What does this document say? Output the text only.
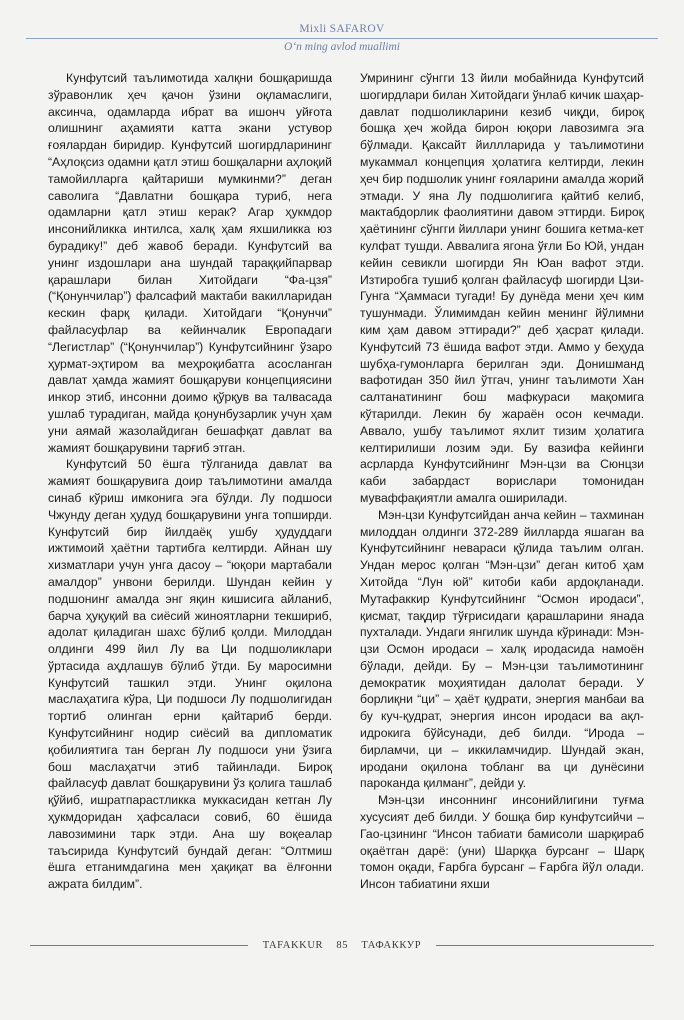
Mixli SAFAROV
O‘n ming avlod muallimi

Кунфутсий таълимотида халқни бошқаришда зўравонлик ҳеч қачон ўзини оқламаслиги, аксинча, одамларда ибрат ва ишонч уйғота олишнинг аҳамияти катта экани устувор ғоялардан биридир. Кунфутсий шогирдларининг “Аҳлоқсиз одамни қатл этиш бошқаларни аҳлоқий тамойилларга қайтариши мумкинми?” деган саволига “Давлатни бошқара туриб, нега одамларни қатл этиш керак? Агар ҳукмдор инсонийликка интилса, халқ ҳам яхшиликка юз бурадику!” деб жавоб беради. Кунфутсий ва унинг издошлари ана шундай тараққийпарвар қарашлари билан Хитойдаги “Фа-цзя” (“Қонунчилар”) фалсафий мактаби вакилларидан кескин фарқ қилади. Хитойдаги “Қонунчи” файласуфлар ва кейинчалик Европадаги “Легистлар” (“Қонунчилар”) Кунфутсийнинг ўзаро ҳурмат-эҳтиром ва меҳроқибатга асосланган давлат ҳамда жамият бошқаруви концепциясини инкор этиб, инсонни доимо қўрқув ва талвасада ушлаб турадиган, майда қонунбузарлик учун ҳам уни аямай жазолайдиган бешафқат давлат ва жамият бошқарувини тарғиб этган.

Кунфутсий 50 ёшга тўлганида давлат ва жамият бошқарувига доир таълимотини амалда синаб кўриш имконига эга бўлди. Лу подшоси Чжунду деган ҳудуд бошқарувини унга топширди. Кунфутсий бир йилдаёқ ушбу ҳудуддаги ижтимоий ҳаётни тартибга келтирди. Айнан шу хизматлари учун унга дасоу – “юқори мартабали амалдор” унвони берилди. Шундан кейин у подшонинг амалда энг яқин кишисига айланиб, барча ҳуқуқий ва сиёсий жиноятларни текшириб, адолат қиладиган шахс бўлиб қолди. Милоддан олдинги 499 йил Лу ва Ци подшоликлари ўртасида аҳдлашув бўлиб ўтди. Бу маросимни Кунфутсий ташкил этди. Унинг оқилона маслаҳатига кўра, Ци подшоси Лу подшолигидан тортиб олинган ерни қайтариб берди. Кунфутсийнинг нодир сиёсий ва дипломатик қобилиятига тан берган Лу подшоси уни ўзига бош маслаҳатчи этиб тайинлади. Бироқ файласуф давлат бошқарувини ўз қолига ташлаб қўйиб, ишратпарастликка муккасидан кетган Лу ҳукмдоридан ҳафсаласи совиб, 60 ёшида лавозимини тарк этди. Ана шу воқеалар таъсирида Кунфутсий бундай деган: “Олтмиш ёшга етганимдагина мен ҳақиқат ва ёлғонни ажрата билдим”.

Умрининг сўнгги 13 йили мобайнида Кунфутсий шогирдлари билан Хитойдаги ўнлаб кичик шаҳар-давлат подшоликларини кезиб чиқди, бироқ бошқа ҳеч жойда бирон юқори лавозимга эга бўлмади. Қаксайт йиллларида у таълимотини мукаммал концепция ҳолатига келтирди, лекин ҳеч бир подшолик унинг ғояларини амалда жорий этмади. У яна Лу подшолигига қайтиб келиб, мактабдорлик фаолиятини давом эттирди. Бироқ ҳаётининг сўнгги йиллари унинг бошига кетма-кет кулфат тушди. Аввалига ягона ўғли Бо Юй, ундан кейин севикли шогирди Ян Юан вафот этди. Изтиробга тушиб қолган файласуф шогирди Цзи-Гунга “Ҳаммаси тугади! Бу дунёда мени ҳеч ким тушунмади. Ўлимимдан кейин менинг йўлимни ким ҳам давом эттиради?” деб ҳасрат қилади. Кунфутсий 73 ёшида вафот этди. Аммо у беҳуда шубҳа-гумонларга берилган эди. Донишманд вафотидан 350 йил ўтгач, унинг таълимоти Хан салтанатининг бош мафкураси мақомига кўтарилди. Лекин бу жараён осон кечмади. Аввало, ушбу таълимот яхлит тизим ҳолатига келтирилиши лозим эди. Бу вазифа кейинги асрларда Кунфутсийнинг Мэн-цзи ва Сюнцзи каби забардаст ворислари томонидан муваффақиятли амалга оширилади.

Мэн-цзи Кунфутсийдан анча кейин – тахминан милоддан олдинги 372-289 йилларда яшаган ва Кунфутсийнинг невараси қўлида таълим олган. Ундан мерос қолган “Мэн-цзи” деган китоб ҳам Хитойда “Лун юй” китоби каби ардоқланади. Мутафаккир Кунфутсийнинг “Осмон иродаси”, қисмат, тақдир тўғрисидаги қарашларини янада пухталади. Ундаги янгилик шунда кўринади: Мэн-цзи Осмон иродаси – халқ иродасида намоён бўлади, дейди. Бу – Мэн-цзи таълимотининг демократик моҳиятидан далолат беради. У борлиқни “ци” – ҳаёт қудрати, энергия манбаи ва бу куч-қудрат, энергия инсон иродаси ва ақл-идрокига бўйсунади, деб билди. “Ирода – бирламчи, ци – иккиламчидир. Шундай экан, иродани оқилона тобланг ва ци дунёсини пароканда қилманг”, дейди у.

Мэн-цзи инсоннинг инсонийлигини туғма хусусият деб билди. У бошқа бир кунфутсийчи – Гао-цзининг “Инсон табиати бамисоли шарқираб оқаётган дарё: (уни) Шарққа бурсанг – Шарқ томон оқади, Ғарбга бурсанг – Ғарбга йўл олади. Инсон табиатини яхши

TAFAKKUR 85 ТАФАККУР
